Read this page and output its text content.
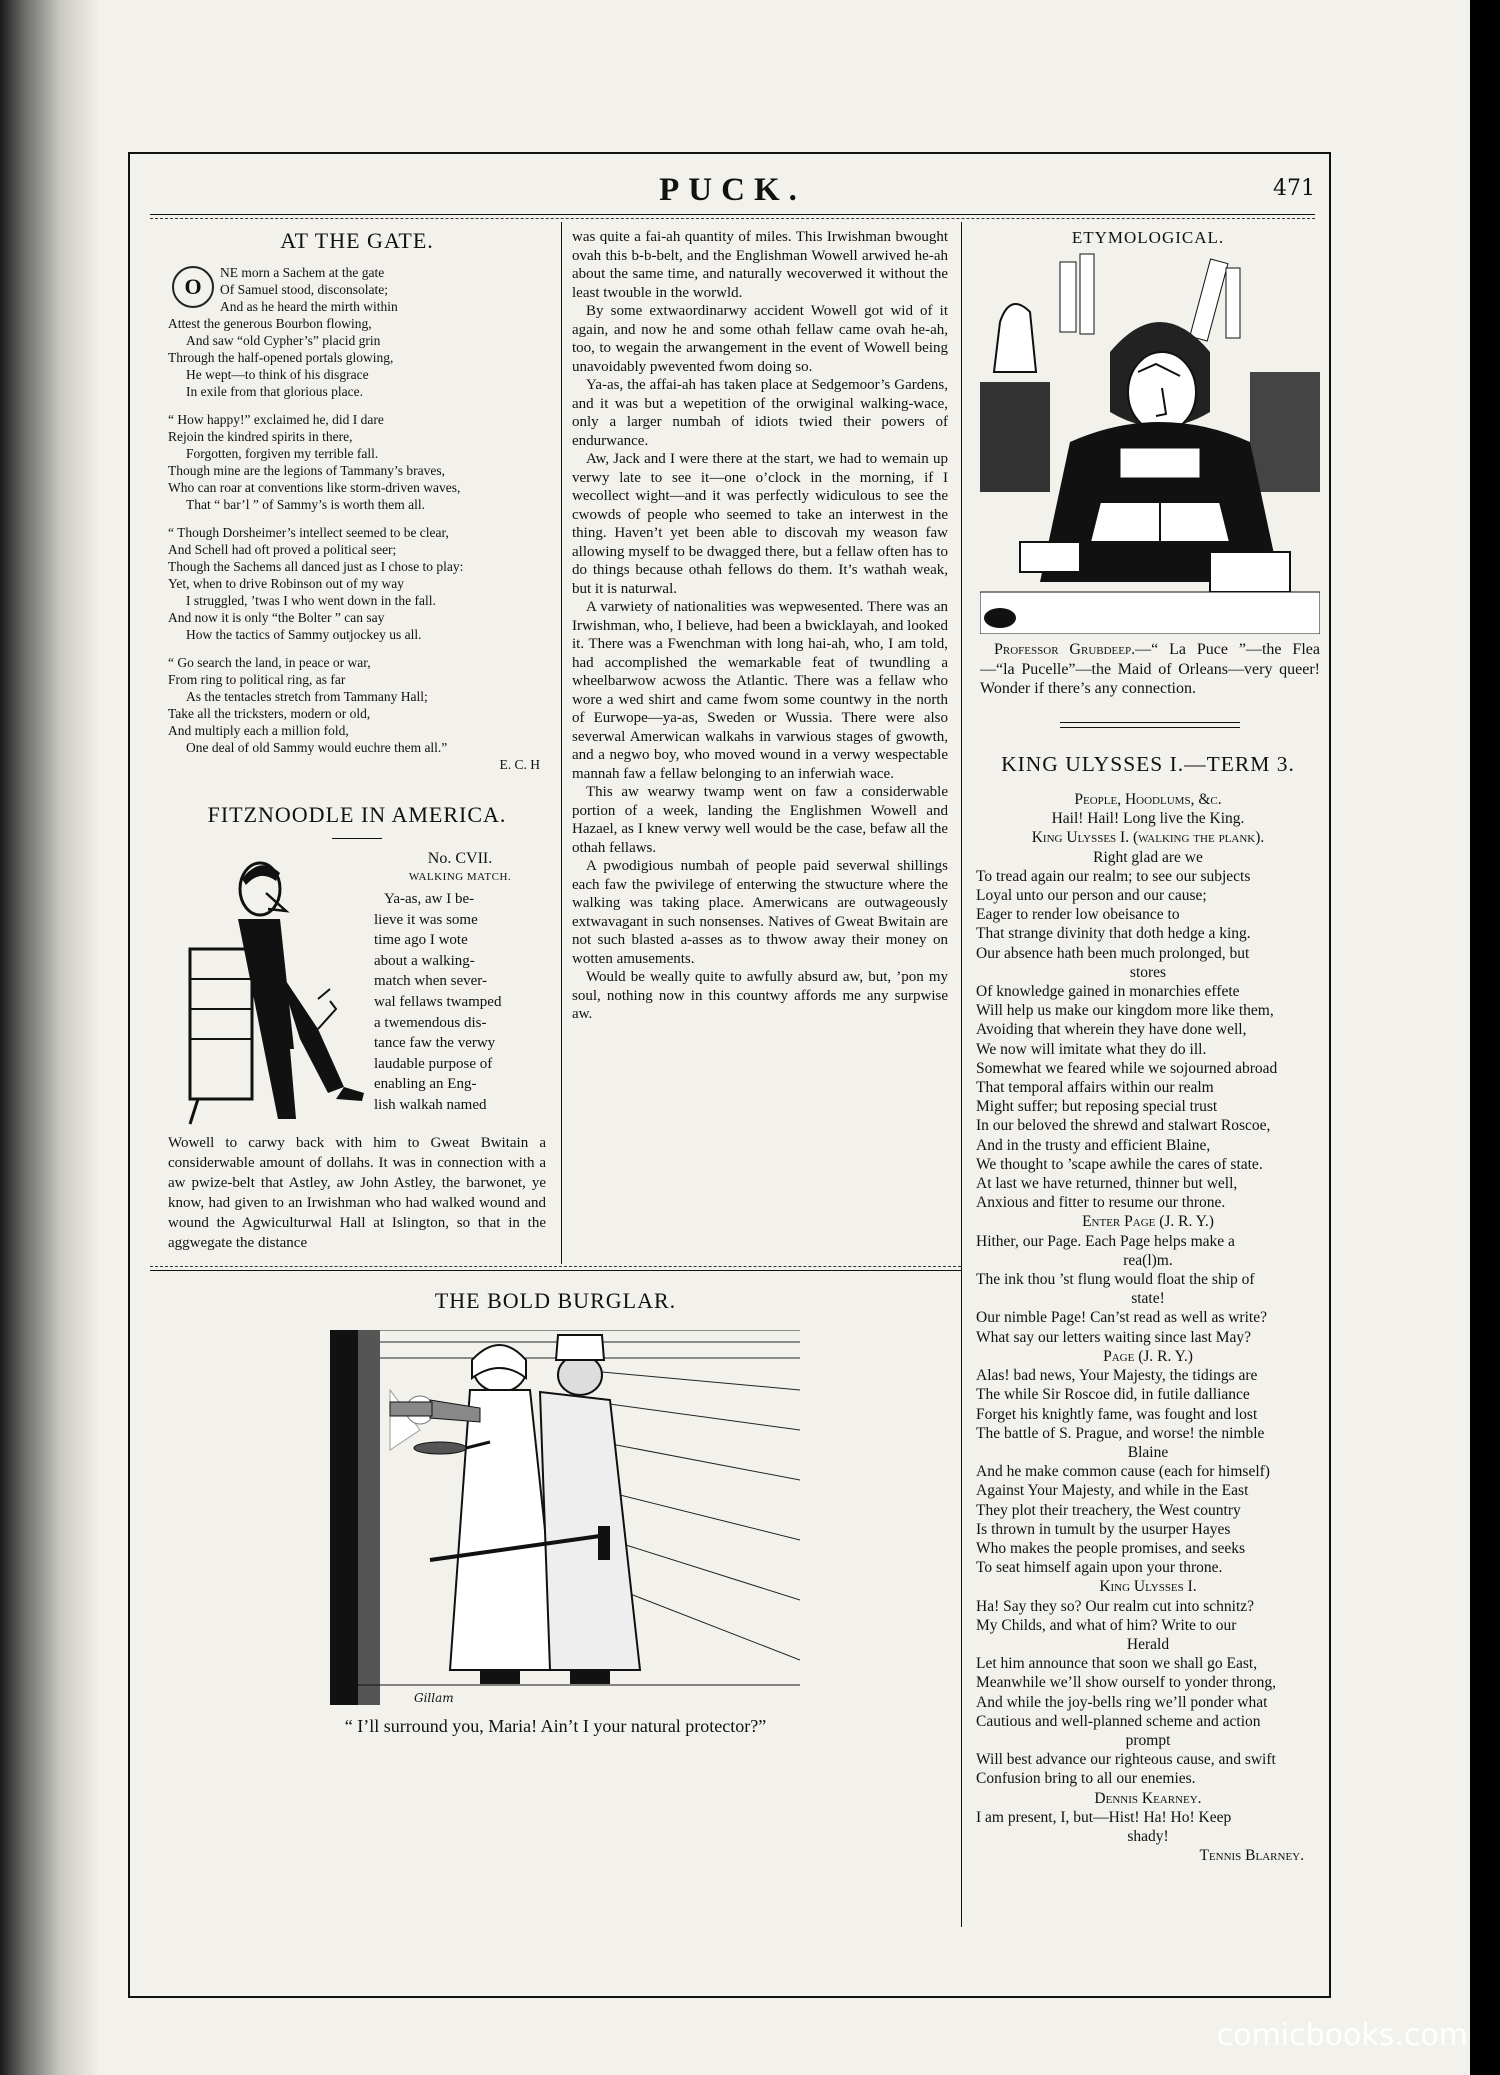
PUCK.	471
AT THE GATE.
O

NE morn a Sachem at the gate

Of Samuel stood, disconsolate;

And as he heard the mirth within

Attest the generous Bourbon flowing,

And saw “old Cypher’s” placid grin

Through the half-opened portals glowing,

He wept—to think of his disgrace

In exile from that glorious place.

“ How happy!” exclaimed he, did I dare

Rejoin the kindred spirits in there,

Forgotten, forgiven my terrible fall.

Though mine are the legions of Tammany’s braves,

Who can roar at conventions like storm-driven waves,

That “ bar’l ” of Sammy’s is worth them all.

“ Though Dorsheimer’s intellect seemed to be clear,

And Schell had oft proved a political seer;

Though the Sachems all danced just as I chose to play:

Yet, when to drive Robinson out of my way

I struggled, ’twas I who went down in the fall.

And now it is only “the Bolter ” can say

How the tactics of Sammy outjockey us all.

“ Go search the land, in peace or war,

From ring to political ring, as far

As the tentacles stretch from Tammany Hall;

Take all the tricksters, modern or old,

And multiply each a million fold,

One deal of old Sammy would euchre them all.”

E. C. H

FITZNOODLE IN AMERICA.

No. CVII.

WALKING MATCH.

Ya-as, aw I be-

lieve it was some

time ago I wote

about a walking-

match when sever-

wal fellaws twamped

a twemendous dis-

tance faw the verwy

laudable purpose of

enabling an Eng-

lish walkah named

Wowell to carwy back with him to Gweat Bwitain a considerwable amount of dollahs. It was in connection with a aw pwize-belt that Astley, aw John Astley, the barwonet, ye know, had given to an Irwishman who had walked wound and wound the Agwiculturwal Hall at Islington, so that in the aggwegate the distance

was quite a fai-ah quantity of miles. This Irwishman bwought ovah this b-b-belt, and the Englishman Wowell arwived he-ah about the same time, and naturally wecoverwed it without the least twouble in the worwld.

By some extwaordinarwy accident Wowell got wid of it again, and now he and some othah fellaw came ovah he-ah, too, to wegain the arwangement in the event of Wowell being unavoidably pwevented fwom doing so.

Ya-as, the affai-ah has taken place at Sedgemoor’s Gardens, and it was but a wepetition of the orwiginal walking-wace, only a larger numbah of idiots twied their powers of endurwance.

Aw, Jack and I were there at the start, we had to wemain up verwy late to see it—one o’clock in the morning, if I wecollect wight—and it was perfectly widiculous to see the cwowds of people who seemed to take an interwest in the thing. Haven’t yet been able to discovah my weason faw allowing myself to be dwagged there, but a fellaw often has to do things because othah fellows do them. It’s wathah weak, but it is naturwal.

A varwiety of nationalities was wepwesented. There was an Irwishman, who, I believe, had been a bwicklayah, and looked it. There was a Fwenchman with long hai-ah, who, I am told, had accomplished the wemarkable feat of twundling a wheelbarwow acwoss the Atlantic. There was a fellaw who wore a wed shirt and came fwom some countwy in the north of Eurwope—ya-as, Sweden or Wussia. There were also severwal Amerwican walkahs in varwious stages of gwowth, and a negwo boy, who moved wound in a verwy wespectable mannah faw a fellaw belonging to an inferwiah wace.

This aw wearwy twamp went on faw a considerwable portion of a week, landing the Englishmen Wowell and Hazael, as I knew verwy well would be the case, befaw all the othah fellaws.

A pwodigious numbah of people paid severwal shillings each faw the pwivilege of enterwing the stwucture where the walking was taking place. Amerwicans are outwageously extwavagant in such nonsenses. Natives of Gweat Bwitain are not such blasted a-asses as to thwow away their money on wotten amusements.

Would be weally quite to awfully absurd aw, but, ’pon my soul, nothing now in this countwy affords me any surpwise aw.

THE BOLD BURGLAR.
Gillam
“ I’ll surround you, Maria! Ain’t I your natural protector?”
ETYMOLOGICAL.
Professor Grubdeep.—“ La Puce ”—the Flea—“la Pucelle”—the Maid of Orleans—very queer! Wonder if there’s any connection.
KING ULYSSES I.—TERM 3.

People, Hoodlums, &c.

Hail! Hail! Long live the King.

King Ulysses I. (walking the plank).

Right glad are we

To tread again our realm; to see our subjects

Loyal unto our person and our cause;

Eager to render low obeisance to

That strange divinity that doth hedge a king.

Our absence hath been much prolonged, but

stores

Of knowledge gained in monarchies effete

Will help us make our kingdom more like them,

Avoiding that wherein they have done well,

We now will imitate what they do ill.

Somewhat we feared while we sojourned abroad

That temporal affairs within our realm

Might suffer; but reposing special trust

In our beloved the shrewd and stalwart Roscoe,

And in the trusty and efficient Blaine,

We thought to ’scape awhile the cares of state.

At last we have returned, thinner but well,

Anxious and fitter to resume our throne.

Enter Page (J. R. Y.)

Hither, our Page. Each Page helps make a

rea(l)m.

The ink thou ’st flung would float the ship of

state!

Our nimble Page! Can’st read as well as write?

What say our letters waiting since last May?

Page (J. R. Y.)

Alas! bad news, Your Majesty, the tidings are

The while Sir Roscoe did, in futile dalliance

Forget his knightly fame, was fought and lost

The battle of S. Prague, and worse! the nimble

Blaine

And he make common cause (each for himself)

Against Your Majesty, and while in the East

They plot their treachery, the West country

Is thrown in tumult by the usurper Hayes

Who makes the people promises, and seeks

To seat himself again upon your throne.

King Ulysses I.

Ha! Say they so? Our realm cut into schnitz?

My Childs, and what of him? Write to our

Herald

Let him announce that soon we shall go East,

Meanwhile we’ll show ourself to yonder throng,

And while the joy-bells ring we’ll ponder what

Cautious and well-planned scheme and action

prompt

Will best advance our righteous cause, and swift

Confusion bring to all our enemies.

Dennis Kearney.

I am present, I, but—Hist! Ha! Ho! Keep

shady!

Tennis Blarney.

comicbooks.com
